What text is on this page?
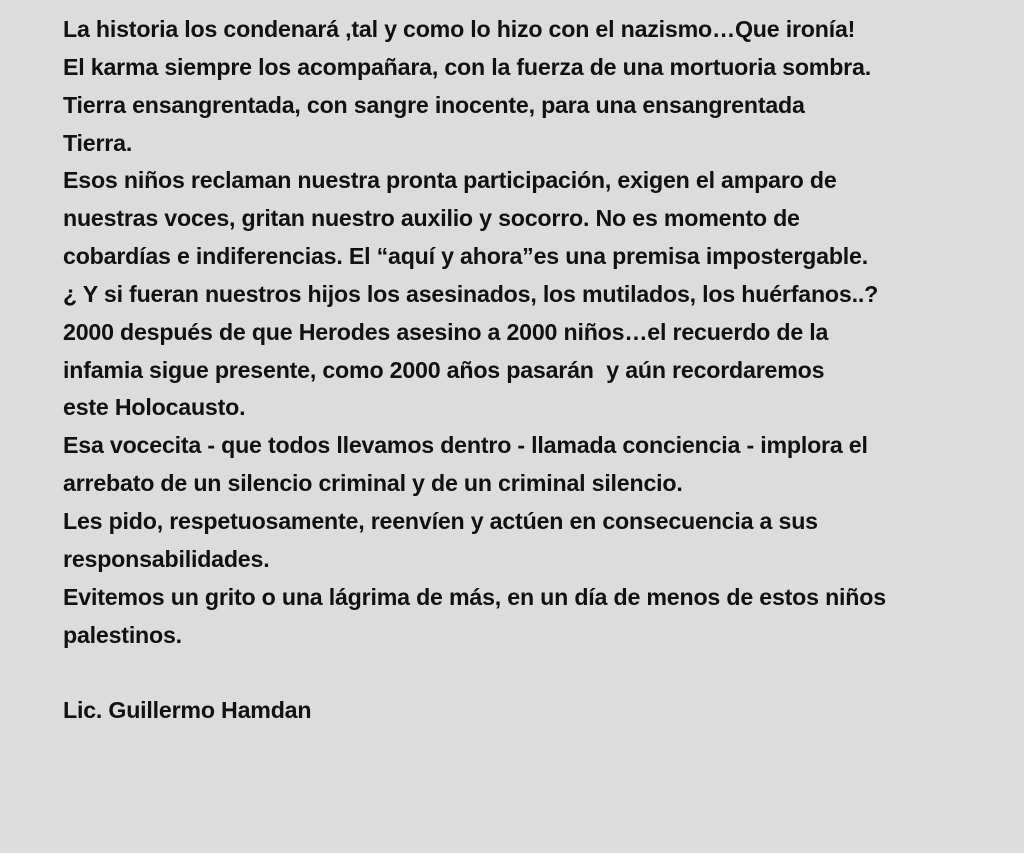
La historia los condenará ,tal y como lo hizo con el nazismo…Que ironía!
El karma siempre los acompañara, con la fuerza de una mortuoria sombra.
Tierra ensangrentada, con sangre inocente, para una ensangrentada
Tierra.
Esos niños reclaman nuestra pronta participación, exigen el amparo de
nuestras voces, gritan nuestro auxilio y socorro. No es momento de
cobardías e indiferencias. El “aquí y ahora”es una premisa impostergable.
¿ Y si fueran nuestros hijos los asesinados, los mutilados, los huérfanos..?
2000 después de que Herodes asesino a 2000 niños…el recuerdo de la
infamia sigue presente, como 2000 años pasarán  y aún recordaremos
este Holocausto.
Esa vocecita - que todos llevamos dentro - llamada conciencia - implora el
arrebato de un silencio criminal y de un criminal silencio.
Les pido, respetuosamente, reenvíen y actúen en consecuencia a sus
responsabilidades.
Evitemos un grito o una lágrima de más, en un día de menos de estos niños
palestinos.
Lic. Guillermo Hamdan
